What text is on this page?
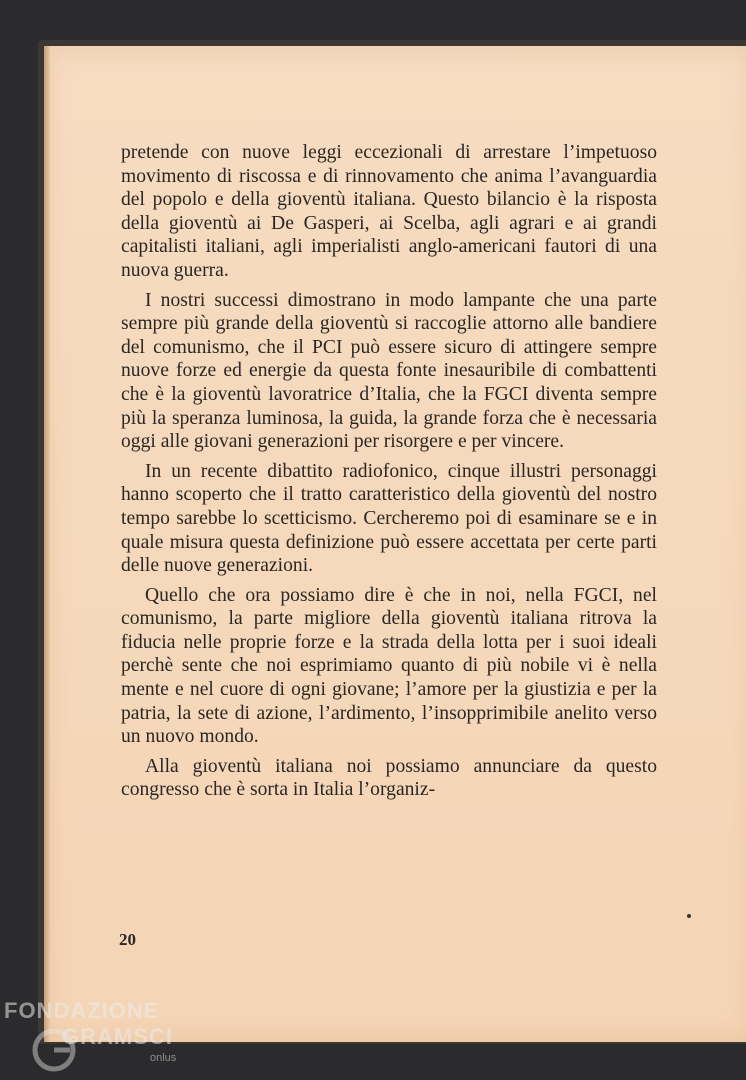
pretende con nuove leggi eccezionali di arrestare l’impetuoso movimento di riscossa e di rinnovamento che anima l’avanguardia del popolo e della gioventù italiana. Questo bilancio è la risposta della gioventù ai De Gasperi, ai Scelba, agli agrari e ai grandi capitalisti italiani, agli imperialisti anglo-americani fautori di una nuova guerra.

I nostri successi dimostrano in modo lampante che una parte sempre più grande della gioventù si raccoglie attorno alle bandiere del comunismo, che il PCI può essere sicuro di attingere sempre nuove forze ed energie da questa fonte inesauribile di combattenti che è la gioventù lavoratrice d’Italia, che la FGCI diventa sempre più la speranza luminosa, la guida, la grande forza che è necessaria oggi alle giovani generazioni per risorgere e per vincere.

In un recente dibattito radiofonico, cinque illustri personaggi hanno scoperto che il tratto caratteristico della gioventù del nostro tempo sarebbe lo scetticismo. Cercheremo poi di esaminare se e in quale misura questa definizione può essere accettata per certe parti delle nuove generazioni.

Quello che ora possiamo dire è che in noi, nella FGCI, nel comunismo, la parte migliore della gioventù italiana ritrova la fiducia nelle proprie forze e la strada della lotta per i suoi ideali perchè sente che noi esprimiamo quanto di più nobile vi è nella mente e nel cuore di ogni giovane; l’amore per la giustizia e per la patria, la sete di azione, l’ardimento, l’insopprimibile anelito verso un nuovo mondo.

Alla gioventù italiana noi possiamo annunciare da questo congresso che è sorta in Italia l’organiz-

20
FONDAZIONE
GRAMSCI
onlus
